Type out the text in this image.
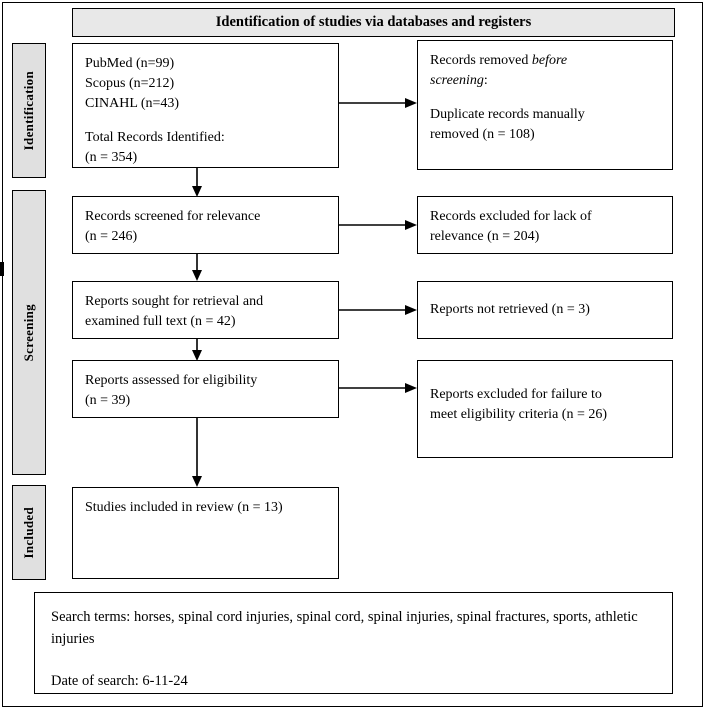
Identification of studies via databases and registers
Identification
Screening
Included

PubMed (n=99)

Scopus (n=212)

CINAHL (n=43)

Total Records Identified:

(n = 354)

Records removed before

screening:

Duplicate records manually

removed (n = 108)

Records screened for relevance

(n = 246)

Records excluded for lack of

relevance (n = 204)

Reports sought for retrieval and

examined full text (n = 42)

Reports not retrieved (n = 3)

Reports assessed for eligibility

(n = 39)	Reports excluded for failure to

meet eligibility criteria (n = 26)

Studies included in review (n = 13)

Search terms: horses, spinal cord injuries, spinal cord, spinal injuries, spinal fractures, sports, athletic injuries

Date of search: 6-11-24
